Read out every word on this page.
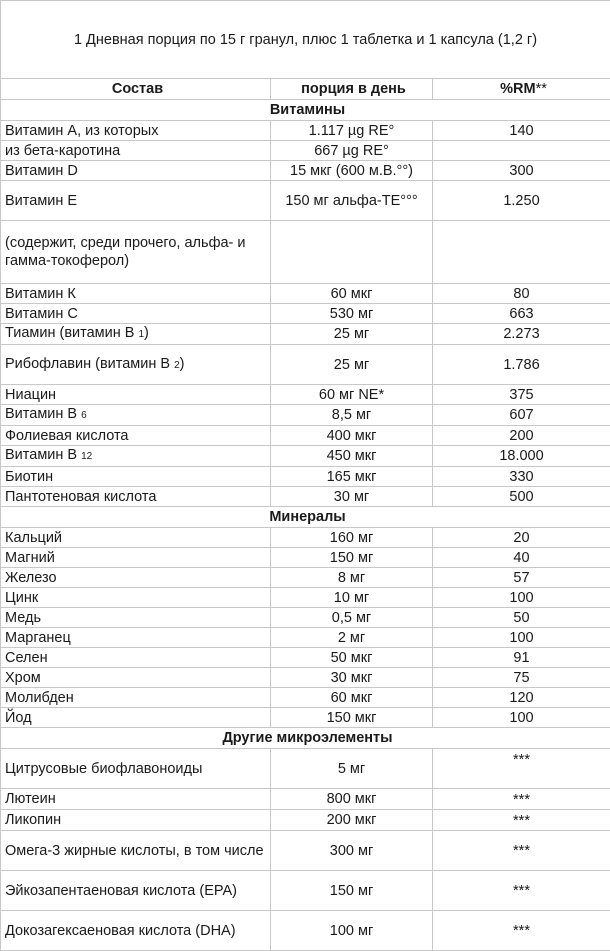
1 Дневная порция по 15 г гранул, плюс 1 таблетка и 1 капсула (1,2 г)		
Состав	порция в день	%RM**
Витамины		
Витамин А, из которых	1.117 µg RE°	140
из бета-каротина	667 µg RE°	
Витамин D	15 мкг (600 м.В.°°)	300
Витамин Е	150 мг альфа-ТЕ°°°	1.250
(содержит, среди прочего, альфа- и гамма-токоферол)		
Витамин К	60 мкг	80
Витамин С	530 мг	663
Тиамин (витамин В 1)	25 мг	2.273
Рибофлавин (витамин В 2)	25 мг	1.786
Ниацин	60 мг NE*	375
Витамин В 6	8,5 мг	607
Фолиевая кислота	400 мкг	200
Витамин В 12	450 мкг	18.000
Биотин	165 мкг	330
Пантотеновая кислота	30 мг	500
Минералы		
Кальций	160 мг	20
Магний	150 мг	40
Железо	8 мг	57
Цинк	10 мг	100
Медь	0,5 мг	50
Марганец	2 мг	100
Селен	50 мкг	91
Хром	30 мкг	75
Молибден	60 мкг	120
Йод	150 мкг	100
Другие микроэлементы		
Цитрусовые биофлавоноиды	5 мг	***
Лютеин	800 мкг	***
Ликопин	200 мкг	***
Омега-3 жирные кислоты, в том числе	300 мг	***
Эйкозапентаеновая кислота (EPA)	150 мг	***
Докозагексаеновая кислота (DHA)	100 мг	***
